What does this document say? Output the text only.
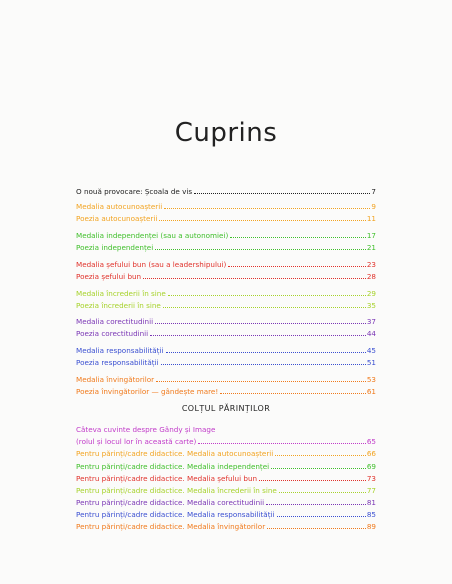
Cuprins
O nouă provocare: Școala de vis	7
Medalia autocunoașterii	9
Poezia autocunoașterii	11
Medalia independenței (sau a autonomiei)	17
Poezia independenței	21
Medalia șefului bun (sau a leadershipului)	23
Poezia șefului bun	28
Medalia încrederii în sine	29
Poezia încrederii în sine	35
Medalia corectitudinii	37
Poezia corectitudinii	44
Medalia responsabilității	45
Poezia responsabilității	51
Medalia învingătorilor	53
Poezia învingătorilor — gândește mare!	61
COLȚUL PĂRINȚILOR
Câteva cuvinte despre Gândy și Imagе
(rolul și locul lor în această carte)	65
Pentru părinți/cadre didactice. Medalia autocunoașterii	66
Pentru părinți/cadre didactice. Medalia independenței	69
Pentru părinți/cadre didactice. Medalia șefului bun	73
Pentru părinți/cadre didactice. Medalia încrederii în sine	77
Pentru părinți/cadre didactice. Medalia corectitudinii	81
Pentru părinți/cadre didactice. Medalia responsabilității	85
Pentru părinți/cadre didactice. Medalia învingătorilor	89
